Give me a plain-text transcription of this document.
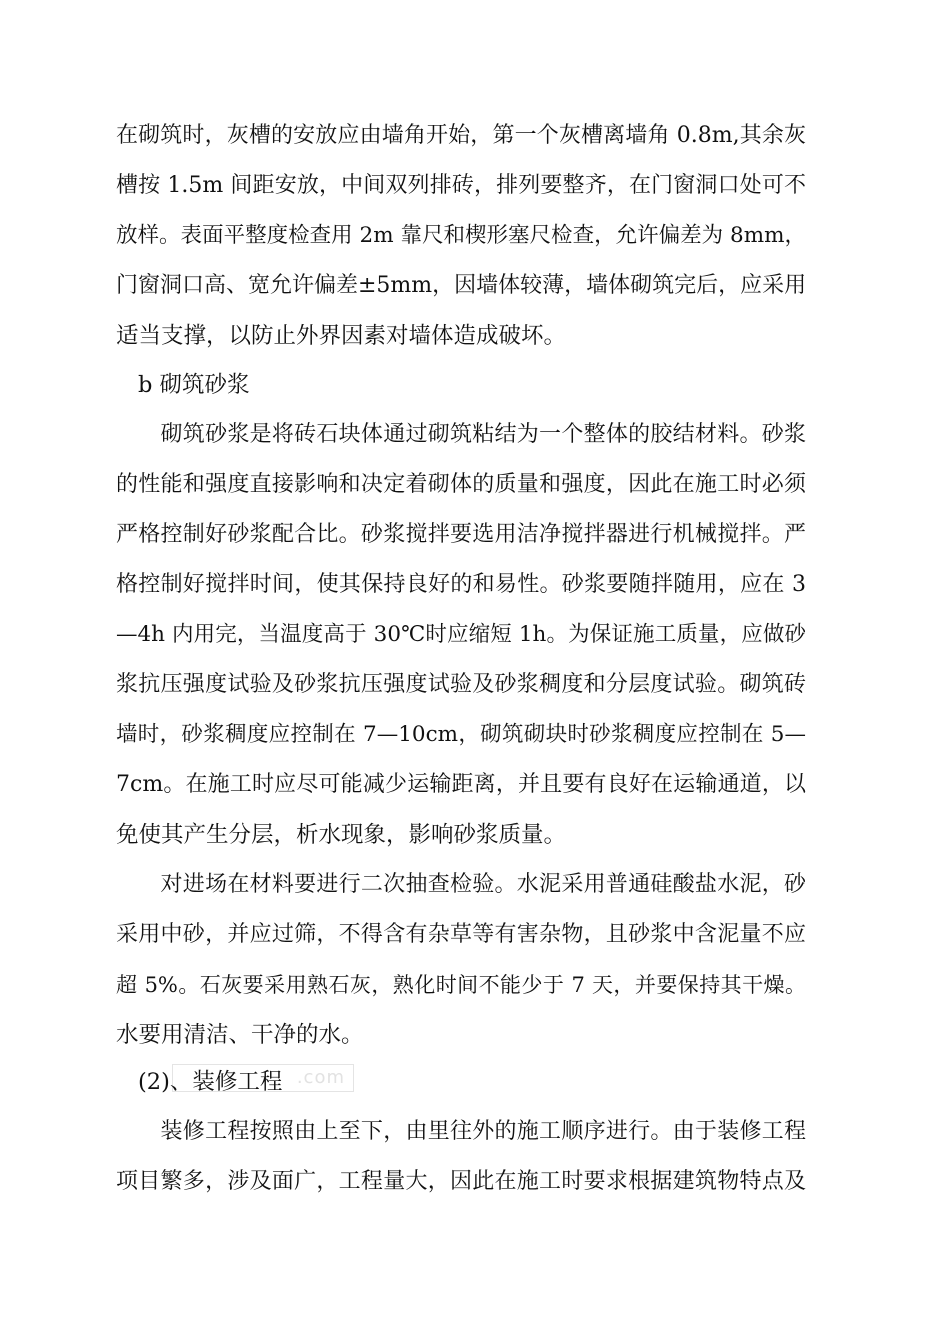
在砌筑时，灰槽的安放应由墙角开始，第一个灰槽离墙角 0.8m,其余灰
槽按 1.5m 间距安放，中间双列排砖，排列要整齐，在门窗洞口处可不
放样。表面平整度检查用 2m 靠尺和楔形塞尺检查，允许偏差为 8mm，
门窗洞口高、宽允许偏差±5mm，因墙体较薄，墙体砌筑完后，应采用
适当支撑，以防止外界因素对墙体造成破坏。
b 砌筑砂浆
　　砌筑砂浆是将砖石块体通过砌筑粘结为一个整体的胶结材料。砂浆
的性能和强度直接影响和决定着砌体的质量和强度，因此在施工时必须
严格控制好砂浆配合比。砂浆搅拌要选用洁净搅拌器进行机械搅拌。严
格控制好搅拌时间，使其保持良好的和易性。砂浆要随拌随用，应在 3
—4h 内用完，当温度高于 30℃时应缩短 1h。为保证施工质量，应做砂
浆抗压强度试验及砂浆抗压强度试验及砂浆稠度和分层度试验。砌筑砖
墙时，砂浆稠度应控制在 7—10cm，砌筑砌块时砂浆稠度应控制在 5—
7cm。在施工时应尽可能减少运输距离，并且要有良好在运输通道，以
免使其产生分层，析水现象，影响砂浆质量。
　　对进场在材料要进行二次抽查检验。水泥采用普通硅酸盐水泥，砂
采用中砂，并应过筛，不得含有杂草等有害杂物，且砂浆中含泥量不应
超 5%。石灰要采用熟石灰，熟化时间不能少于 7 天，并要保持其干燥。
水要用清洁、干净的水。
.com
(2)、装修工程
　　装修工程按照由上至下，由里往外的施工顺序进行。由于装修工程
项目繁多，涉及面广，工程量大，因此在施工时要求根据建筑物特点及
